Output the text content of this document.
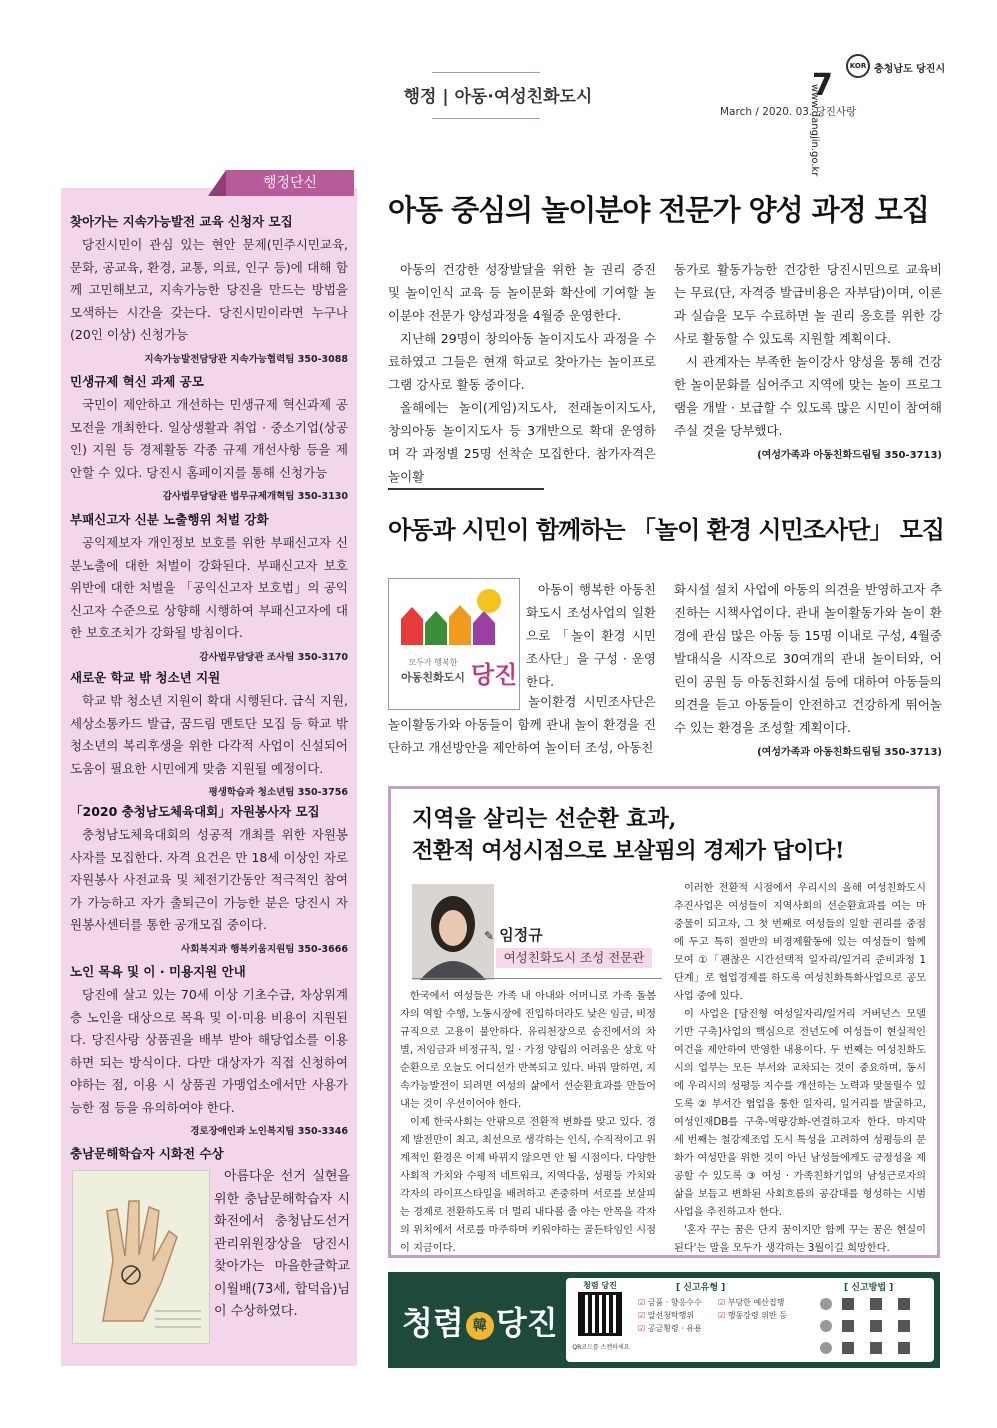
행정 | 아동·여성친화도시	7
March / 2020. 03. 당진사랑
KOR 충청남도 당진시
www.dangjin.go.kr
행정단신
찾아가는 지속가능발전 교육 신청자 모집

당진시민이 관심 있는 현안 문제(민주시민교육, 문화, 공교육, 환경, 교통, 의료, 인구 등)에 대해 함께 고민해보고, 지속가능한 당진을 만드는 방법을 모색하는 시간을 갖는다. 당진시민이라면 누구나(20인 이상) 신청가능

지속가능발전담당관 지속가능협력팀 350-3088
민생규제 혁신 과제 공모

국민이 제안하고 개선하는 민생규제 혁신과제 공모전을 개최한다. 일상생활과 취업 · 중소기업(상공인) 지원 등 경제활동 각종 규제 개선사항 등을 제안할 수 있다. 당진시 홈페이지를 통해 신청가능

감사법무담당관 법무규제개혁팀 350-3130
부패신고자 신분 노출행위 처벌 강화

공익제보자 개인정보 보호를 위한 부패신고자 신분노출에 대한 처벌이 강화된다. 부패신고자 보호 위반에 대한 처벌을 「공익신고자 보호법」의 공익신고자 수준으로 상향해 시행하여 부패신고자에 대한 보호조치가 강화될 방침이다.

감사법무담당관 조사팀 350-3170
새로운 학교 밖 청소년 지원

학교 밖 청소년 지원이 확대 시행된다. 급식 지원, 세상소통카드 발급, 꿈드림 멘토단 모집 등 학교 밖 청소년의 복리후생을 위한 다각적 사업이 신설되어 도움이 필요한 시민에게 맞춤 지원될 예정이다.

평생학습과 청소년팀 350-3756
「2020 충청남도체육대회」자원봉사자 모집

충청남도체육대회의 성공적 개최를 위한 자원봉사자를 모집한다. 자격 요건은 만 18세 이상인 자로 자원봉사 사전교육 및 체전기간동안 적극적인 참여가 가능하고 자가 출퇴근이 가능한 분은 당진시 자원봉사센터를 통한 공개모집 중이다.

사회복지과 행복키움지원팀 350-3666
노인 목욕 및 이 · 미용지원 안내

당진에 살고 있는 70세 이상 기초수급, 차상위계층 노인을 대상으로 목욕 및 이·미용 비용이 지원된다. 당진사랑 상품권을 배부 받아 해당업소를 이용하면 되는 방식이다. 다만 대상자가 직접 신청하여야하는 점, 이용 시 상품권 가맹업소에서만 사용가능한 점 등을 유의하여야 한다.

경로장애인과 노인복지팀 350-3346
충남문해학습자 시화전 수상

아름다운 선거 실현을 위한 충남문해학습자 시화전에서 충청남도선거관리위원장상을 당진시 찾아가는 마을한글학교 이월배(73세, 합덕읍)님이 수상하였다.

아동 중심의 놀이분야 전문가 양성 과정 모집

아동의 건강한 성장발달을 위한 놀 권리 증진 및 놀이인식 교육 등 놀이문화 확산에 기여할 놀이분야 전문가 양성과정을 4월중 운영한다.

지난해 29명이 창의아동 놀이지도사 과정을 수료하였고 그들은 현재 학교로 찾아가는 놀이프로그램 강사로 활동 중이다.

올해에는 놀이(게임)지도사, 전래놀이지도사, 창의아동 놀이지도사 등 3개반으로 확대 운영하며 각 과정별 25명 선착순 모집한다. 참가자격은 놀이활

동가로 활동가능한 건강한 당진시민으로 교육비는 무료(단, 자격증 발급비용은 자부담)이며, 이론과 실습을 모두 수료하면 놀 권리 옹호를 위한 강사로 활동할 수 있도록 지원할 계획이다.

시 관계자는 부족한 놀이강사 양성을 통해 건강한 놀이문화를 심어주고 지역에 맞는 놀이 프로그램을 개발 · 보급할 수 있도록 많은 시민이 참여해 주실 것을 당부했다.

(여성가족과 아동친화드림팀 350-3713)
아동과 시민이 함께하는 「놀이 환경 시민조사단」 모집
모두가 행복한
아동친화도시 당진

아동이 행복한 아동친화도시 조성사업의 일환으로 「놀이 환경 시민조사단」을 구성 · 운영한다.

놀이환경 시민조사단은 놀이활동가와 아동들이 함께 관내 놀이 환경을 진단하고 개선방안을 제안하여 놀이터 조성, 아동친

화시설 설치 사업에 아동의 의견을 반영하고자 추진하는 시책사업이다. 관내 놀이활동가와 놀이 환경에 관심 많은 아동 등 15명 이내로 구성, 4월중 발대식을 시작으로 30여개의 관내 놀이터와, 어린이 공원 등 아동친화시설 등에 대하여 아동들의 의견을 듣고 아동들이 안전하고 건강하게 뛰어놀 수 있는 환경을 조성할 계획이다.

(여성가족과 아동친화드림팀 350-3713)
지역을 살리는 선순환 효과,
전환적 여성시점으로 보살핌의 경제가 답이다!
✎ 임정규
여성친화도시 조성 전문관

한국에서 여성들은 가족 내 아내와 어머니로 가족 돌봄자의 역할 수행, 노동시장에 진입하더라도 낮은 임금, 비정규직으로 고용이 불안하다. 유리천장으로 승진에서의 차별, 저임금과 비정규직, 일 · 가정 양립의 어려움은 상호 악순환으로 오늘도 어디선가 반복되고 있다. 바꿔 말하면, 지속가능발전이 되려면 여성의 삶에서 선순환효과를 만들어 내는 것이 우선이어야 한다.

이제 한국사회는 안팎으로 전환적 변화를 맞고 있다. 경제 발전만이 최고, 최선으로 생각하는 인식, 수직적이고 위계적인 환경은 이제 바뀌지 않으면 안 될 시점이다. 다양한 사회적 가치와 수평적 네트워크, 지역다움, 성평등 가치와 각자의 라이프스타일을 배려하고 존중하며 서로를 보살피는 경제로 전환하도록 더 멀리 내다볼 줄 아는 안목을 각자의 위치에서 서로를 마주하며 키워야하는 골든타임인 시점이 지금이다.

이러한 전환적 시점에서 우리시의 올해 여성친화도시 추진사업은 여성들이 지역사회의 선순환효과를 여는 마중물이 되고자, 그 첫 번째로 여성들의 일할 권리를 중점에 두고 특히 절반의 비경제활동에 있는 여성들이 함께 모여 ①「괜찮은 시간선택적 일자리/일거리 준비과정 1단계」로 협업경제를 하도록 여성친화특화사업으로 공모사업 중에 있다.

이 사업은 [당진형 여성일자리/일거리 거버넌스 모델 기반 구축]사업의 핵심으로 전년도에 여성들이 현실적인 여건을 제안하여 반영한 내용이다. 두 번째는 여성친화도시의 업무는 모든 부서와 교차되는 것이 중요하며, 동시에 우리시의 성평등 지수를 개선하는 노력과 맞물릴수 있도록 ② 부서간 협업을 통한 일자리, 일거리를 발굴하고, 여성인재DB를 구축-역량강화-연결하고자 한다. 마지막 세 번째는 철강제조업 도시 특성을 고려하여 성평등의 문화가 여성만을 위한 것이 아닌 남성들에게도 긍정성을 제공할 수 있도록 ③ 여성 · 가족친화기업의 남성근로자의 삶을 보듬고 변화된 사회흐름의 공감대를 형성하는 시범사업을 추진하고자 한다.

'혼자 꾸는 꿈은 단지 꿈이지만 함께 꾸는 꿈은 현실이 된다'는 말을 모두가 생각하는 3월이길 희망한다.

청렴 韓 당진
청렴 당진
QR코드를 스캔하세요
[ 신고유형 ]
☑ 금품 · 향응수수
☑ 알선청탁행위
☑ 공금횡령 · 유용
☑ 부당한 예산집행
☑ 행동강령 위반 등
[ 신고방법 ]
